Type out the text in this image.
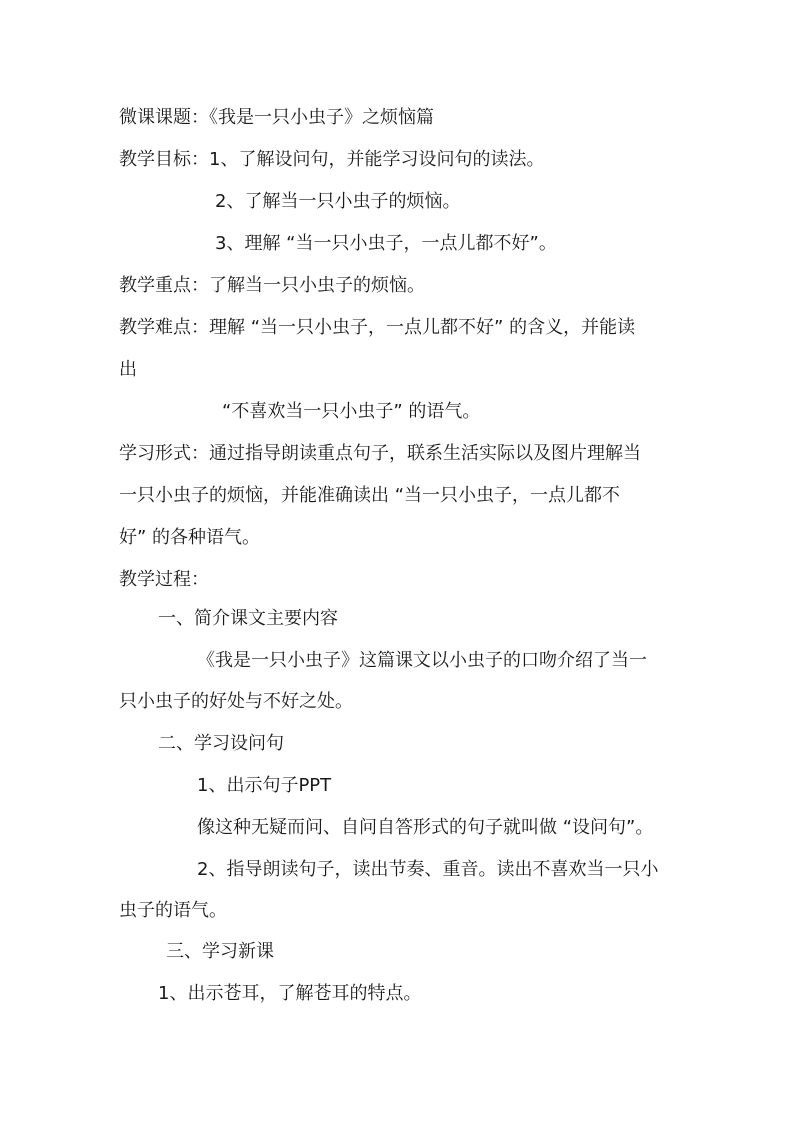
微课课题：《我是一只小虫子》之烦恼篇
教学目标：1、了解设问句，并能学习设问句的读法。
2、了解当一只小虫子的烦恼。
3、理解 “当一只小虫子，一点儿都不好”。
教学重点：了解当一只小虫子的烦恼。
教学难点：理解 “当一只小虫子，一点儿都不好” 的含义，并能读
出
“不喜欢当一只小虫子” 的语气。
学习形式：通过指导朗读重点句子，联系生活实际以及图片理解当
一只小虫子的烦恼，并能准确读出 “当一只小虫子，一点儿都不
好” 的各种语气。
教学过程：
一、简介课文主要内容
《我是一只小虫子》这篇课文以小虫子的口吻介绍了当一
只小虫子的好处与不好之处。
二、学习设问句
1、出示句子PPT
像这种无疑而问、自问自答形式的句子就叫做 “设问句”。
2、指导朗读句子，读出节奏、重音。读出不喜欢当一只小
虫子的语气。
三、学习新课
1、出示苍耳，了解苍耳的特点。
